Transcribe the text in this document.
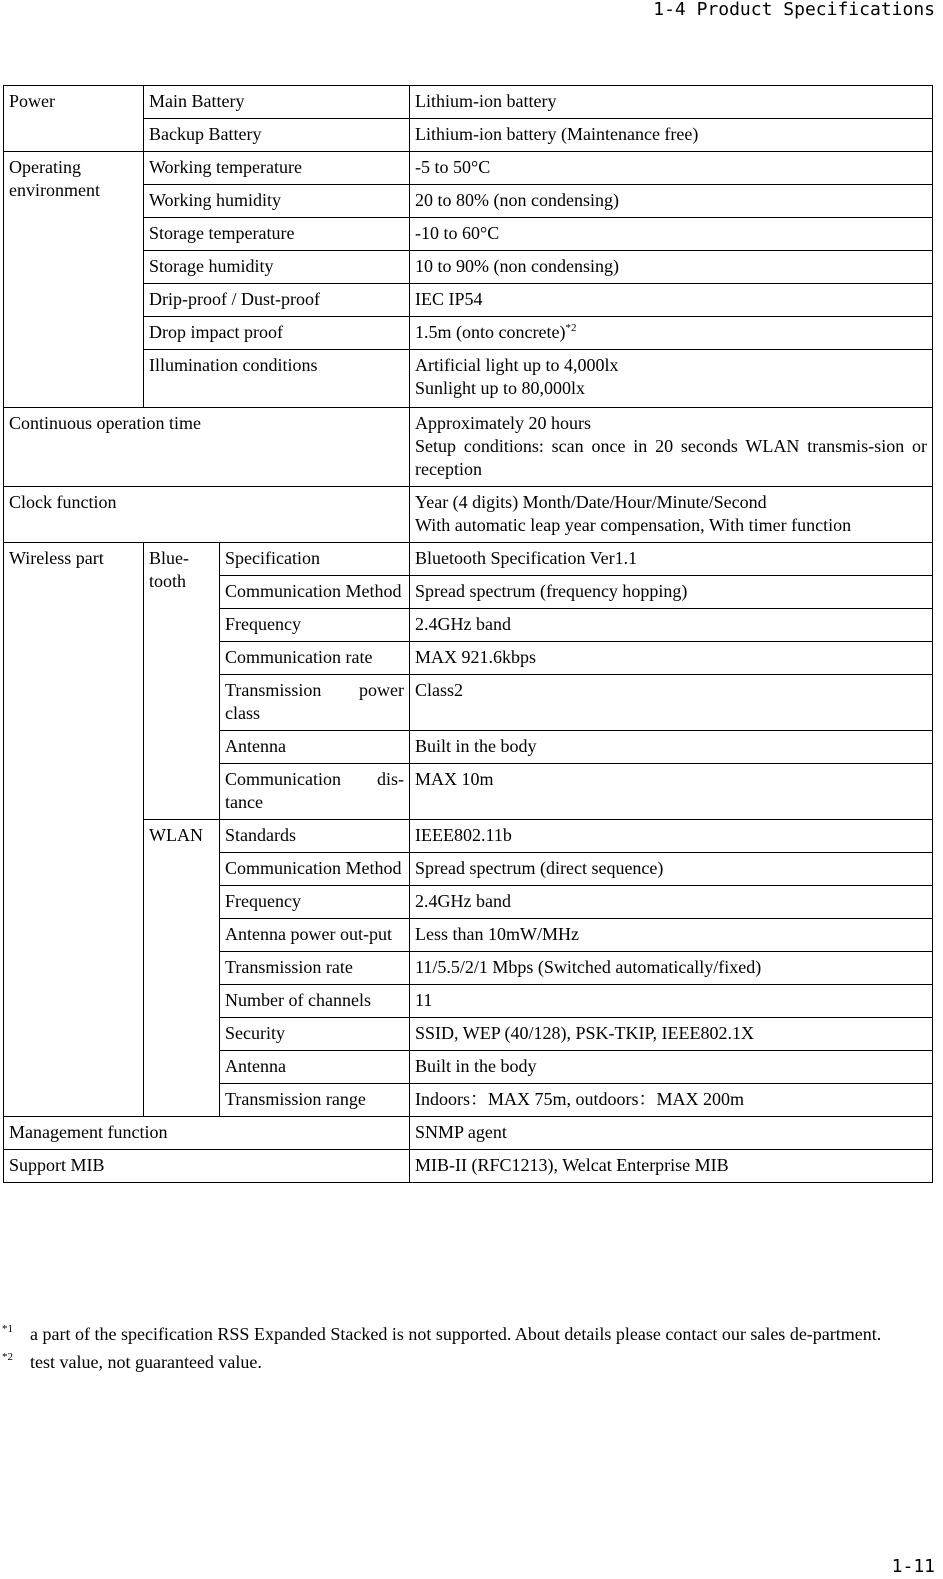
1-4 Product Specifications
Power	Main Battery		Lithium-ion battery
	Backup Battery		Lithium-ion battery (Maintenance free)
Operating
environment	Working temperature		-5 to 50°C
	Working humidity		20 to 80% (non condensing)
	Storage temperature		-10 to 60°C
	Storage humidity		10 to 90% (non condensing)
	Drip-proof / Dust-proof		IEC IP54
	Drop impact proof		1.5m (onto concrete)$^{*2}$
	Illumination conditions		Artificial light up to 4,000lx
Sunlight up to 80,000lx
Continuous operation time			Approximately 20 hours
Setup conditions: scan once in 20 seconds WLAN transmis-sion or reception
Clock function			Year (4 digits) Month/Date/Hour/Minute/Second
With automatic leap year compensation, With timer function
Wireless part	Blue-tooth	Specification	Bluetooth Specification Ver1.1
		Communication Method	Spread spectrum (frequency hopping)
		Frequency	2.4GHz band
		Communication rate	MAX 921.6kbps
		Transmission power class	Class2
		Antenna	Built in the body
		Communication dis-tance	MAX 10m
	WLAN	Standards	IEEE802.11b
		Communication Method	Spread spectrum (direct sequence)
		Frequency	2.4GHz band
		Antenna power out-put	Less than 10mW/MHz
		Transmission rate	11/5.5/2/1 Mbps (Switched automatically/fixed)
		Number of channels	11
		Security	SSID, WEP (40/128), PSK-TKIP, IEEE802.1X
		Antenna	Built in the body
		Transmission range	Indoors：MAX 75m, outdoors：MAX 200m
Management function			SNMP agent
Support MIB			MIB-II (RFC1213), Welcat Enterprise MIB
*1 a part of the specification RSS Expanded Stacked is not supported. About details please contact our sales de-partment.
*2 test value, not guaranteed value.
1-11
